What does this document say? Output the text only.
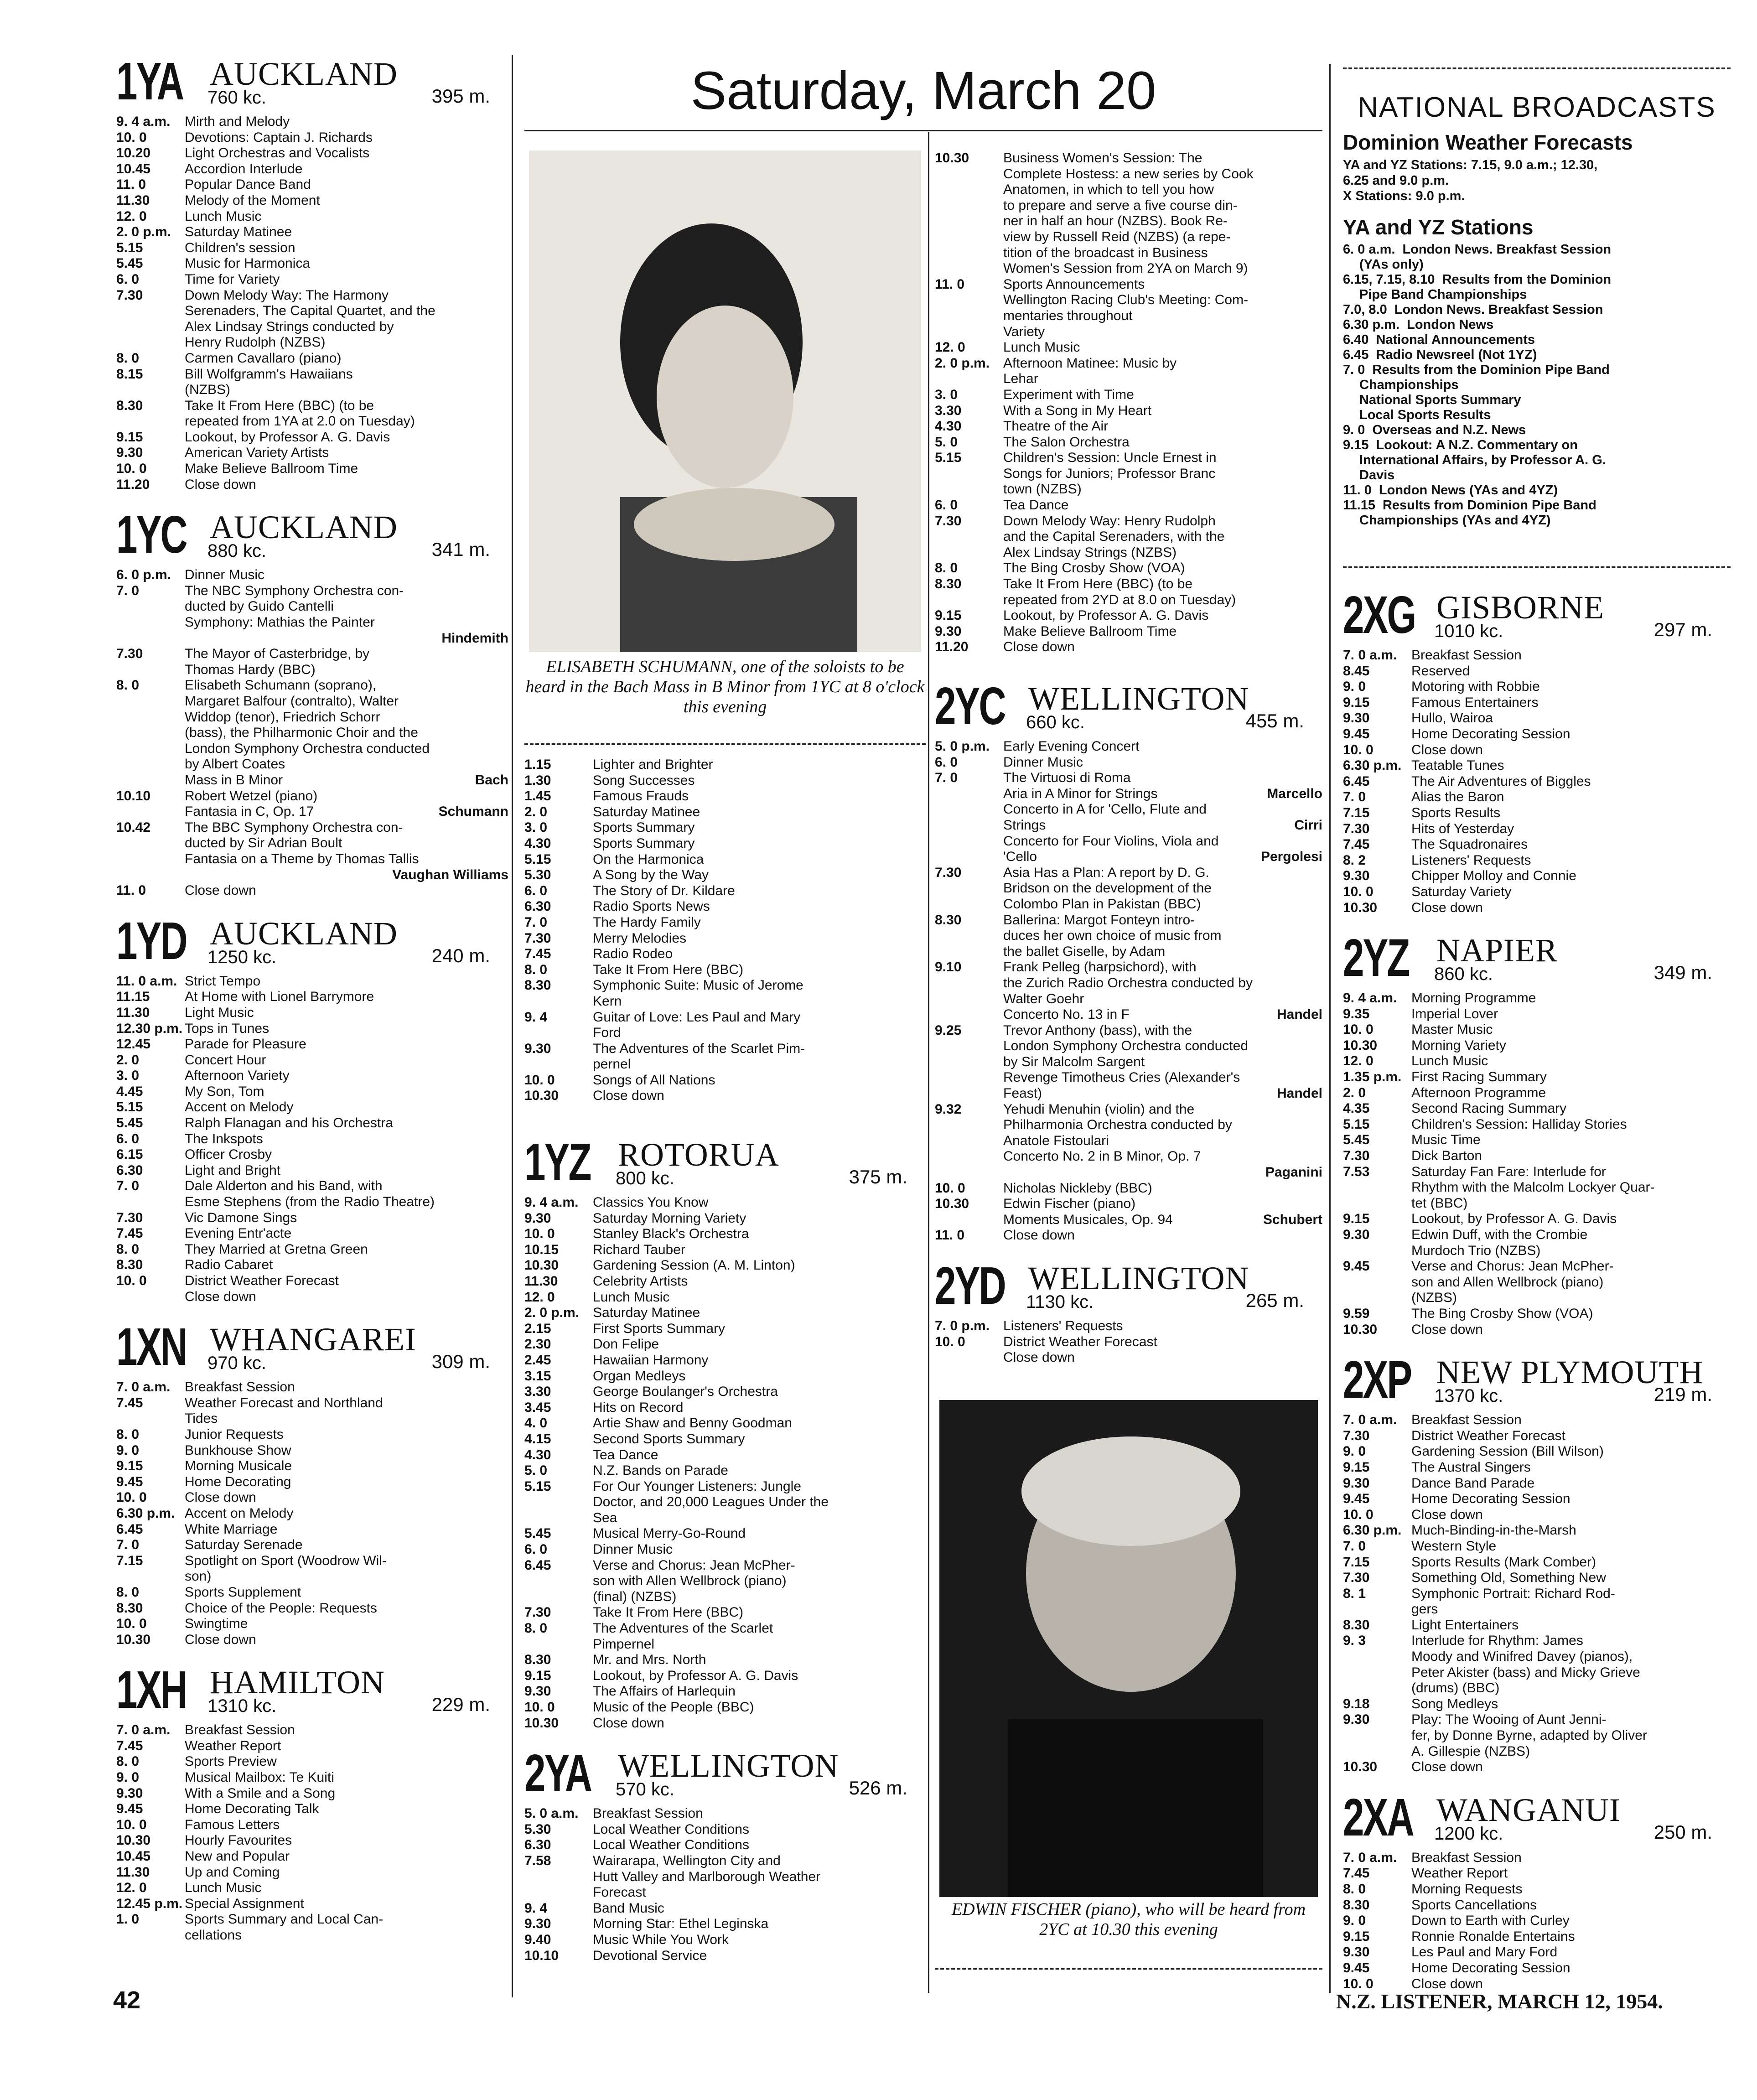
1YA AUCKLAND
760 kc.	395 m.
9. 4 a.m.	Mirth and Melody
10. 0	Devotions: Captain J. Richards
10.20	Light Orchestras and Vocalists
10.45	Accordion Interlude
11. 0	Popular Dance Band
11.30	Melody of the Moment
12. 0	Lunch Music
2. 0 p.m. Saturday Matinee
5.15	Children's session
5.45	Music for Harmonica
6. 0	Time for Variety
7.30	Down Melody Way: The Harmony
Serenaders, The Capital Quartet, and the
Alex Lindsay Strings conducted by
Henry Rudolph (NZBS)
8. 0	Carmen Cavallaro (piano)
8.15	Bill Wolfgramm's Hawaiians
(NZBS)
8.30	Take It From Here (BBC) (to be
repeated from 1YA at 2.0 on Tuesday)
9.15	Lookout, by Professor A. G. Davis
9.30	American Variety Artists
10. 0	Make Believe Ballroom Time
11.20	Close down
1YC AUCKLAND
880 kc.	341 m.
6. 0 p.m. Dinner Music
7. 0	The NBC Symphony Orchestra con-
ducted by Guido Cantelli
Symphony: Mathias the Painter
Hindemith
7.30	The Mayor of Casterbridge, by
Thomas Hardy (BBC)
8. 0	Elisabeth Schumann (soprano),
Margaret Balfour (contralto), Walter
Widdop (tenor), Friedrich Schorr
(bass), the Philharmonic Choir and the
London Symphony Orchestra conducted
by Albert Coates
Mass in B Minor	Bach
10.10	Robert Wetzel (piano)
Fantasia in C, Op. 17	Schumann
10.42	The BBC Symphony Orchestra con-
ducted by Sir Adrian Boult
Fantasia on a Theme by Thomas Tallis
Vaughan Williams
11. 0	Close down
1YD AUCKLAND
1250 kc.	240 m.
11. 0 a.m. Strict Tempo
11.15	At Home with Lionel Barrymore
11.30	Light Music
12.30 p.m. Tops in Tunes
12.45	Parade for Pleasure
2. 0	Concert Hour
3. 0	Afternoon Variety
4.45	My Son, Tom
5.15	Accent on Melody
5.45	Ralph Flanagan and his Orchestra
6. 0	The Inkspots
6.15	Officer Crosby
6.30	Light and Bright
7. 0	Dale Alderton and his Band, with
Esme Stephens (from the Radio Theatre)
7.30	Vic Damone Sings
7.45	Evening Entr'acte
8. 0	They Married at Gretna Green
8.30	Radio Cabaret
10. 0	District Weather Forecast
Close down
1XN WHANGAREI
970 kc.	309 m.
7. 0 a.m.	Breakfast Session
7.45	Weather Forecast and Northland
Tides
8. 0	Junior Requests
9. 0	Bunkhouse Show
9.15	Morning Musicale
9.45	Home Decorating
10. 0	Close down
6.30 p.m. Accent on Melody
6.45	White Marriage
7. 0	Saturday Serenade
7.15	Spotlight on Sport (Woodrow Wil-
son)
8. 0	Sports Supplement
8.30	Choice of the People: Requests
10. 0	Swingtime
10.30	Close down
1XH HAMILTON
1310 kc.	229 m.
7. 0 a.m.	Breakfast Session
7.45	Weather Report
8. 0	Sports Preview
9. 0	Musical Mailbox: Te Kuiti
9.30	With a Smile and a Song
9.45	Home Decorating Talk
10. 0	Famous Letters
10.30	Hourly Favourites
10.45	New and Popular
11.30	Up and Coming
12. 0	Lunch Music
12.45 p.m. Special Assignment
1. 0	Sports Summary and Local Can-
cellations
Saturday, March 20
ELISABETH SCHUMANN, one of the soloists to be heard in the Bach Mass in B Minor from 1YC at 8 o'clock this evening
1.15	Lighter and Brighter
1.30	Song Successes
1.45	Famous Frauds
2. 0	Saturday Matinee
3. 0	Sports Summary
4.30	Sports Summary
5.15	On the Harmonica
5.30	A Song by the Way
6. 0	The Story of Dr. Kildare
6.30	Radio Sports News
7. 0	The Hardy Family
7.30	Merry Melodies
7.45	Radio Rodeo
8. 0	Take It From Here (BBC)
8.30	Symphonic Suite: Music of Jerome
Kern
9. 4	Guitar of Love: Les Paul and Mary
Ford
9.30	The Adventures of the Scarlet Pim-
pernel
10. 0	Songs of All Nations
10.30	Close down
1YZ ROTORUA
800 kc.	375 m.
9. 4 a.m.	Classics You Know
9.30	Saturday Morning Variety
10. 0	Stanley Black's Orchestra
10.15	Richard Tauber
10.30	Gardening Session (A. M. Linton)
11.30	Celebrity Artists
12. 0	Lunch Music
2. 0 p.m. Saturday Matinee
2.15	First Sports Summary
2.30	Don Felipe
2.45	Hawaiian Harmony
3.15	Organ Medleys
3.30	George Boulanger's Orchestra
3.45	Hits on Record
4. 0	Artie Shaw and Benny Goodman
4.15	Second Sports Summary
4.30	Tea Dance
5. 0	N.Z. Bands on Parade
5.15	For Our Younger Listeners: Jungle
Doctor, and 20,000 Leagues Under the
Sea
5.45	Musical Merry-Go-Round
6. 0	Dinner Music
6.45	Verse and Chorus: Jean McPher-
son with Allen Wellbrock (piano)
(final) (NZBS)
7.30	Take It From Here (BBC)
8. 0	The Adventures of the Scarlet
Pimpernel
8.30	Mr. and Mrs. North
9.15	Lookout, by Professor A. G. Davis
9.30	The Affairs of Harlequin
10. 0	Music of the People (BBC)
10.30	Close down
2YA WELLINGTON
570 kc.	526 m.
5. 0 a.m.	Breakfast Session
5.30	Local Weather Conditions
6.30	Local Weather Conditions
7.58	Wairarapa, Wellington City and
Hutt Valley and Marlborough Weather
Forecast
9. 4	Band Music
9.30	Morning Star: Ethel Leginska
9.40	Music While You Work
10.10	Devotional Service
10.30	Business Women's Session: The
Complete Hostess: a new series by Cook
Anatomen, in which to tell you how
to prepare and serve a five course din-
ner in half an hour (NZBS). Book Re-
view by Russell Reid (NZBS) (a repe-
tition of the broadcast in Business
Women's Session from 2YA on March 9)
11. 0	Sports Announcements
Wellington Racing Club's Meeting: Com-
mentaries throughout
Variety
12. 0	Lunch Music
2. 0 p.m. Afternoon Matinee: Music by
Lehar
3. 0	Experiment with Time
3.30	With a Song in My Heart
4.30	Theatre of the Air
5. 0	The Salon Orchestra
5.15	Children's Session: Uncle Ernest in
Songs for Juniors; Professor Branc
town (NZBS)
6. 0	Tea Dance
7.30	Down Melody Way: Henry Rudolph
and the Capital Serenaders, with the
Alex Lindsay Strings (NZBS)
8. 0	The Bing Crosby Show (VOA)
8.30	Take It From Here (BBC) (to be
repeated from 2YD at 8.0 on Tuesday)
9.15	Lookout, by Professor A. G. Davis
9.30	Make Believe Ballroom Time
11.20	Close down
2YC WELLINGTON
660 kc.	455 m.
5. 0 p.m. Early Evening Concert
6. 0	Dinner Music
7. 0	The Virtuosi di Roma
Aria in A Minor for Strings	Marcello
Concerto in A for 'Cello, Flute and
Strings	Cirri
Concerto for Four Violins, Viola and
'Cello	Pergolesi
7.30	Asia Has a Plan: A report by D. G.
Bridson on the development of the
Colombo Plan in Pakistan (BBC)
8.30	Ballerina: Margot Fonteyn intro-
duces her own choice of music from
the ballet Giselle, by Adam
9.10	Frank Pelleg (harpsichord), with
the Zurich Radio Orchestra conducted by
Walter Goehr
Concerto No. 13 in F	Handel
9.25	Trevor Anthony (bass), with the
London Symphony Orchestra conducted
by Sir Malcolm Sargent
Revenge Timotheus Cries (Alexander's
Feast)	Handel
9.32	Yehudi Menuhin (violin) and the
Philharmonia Orchestra conducted by
Anatole Fistoulari
Concerto No. 2 in B Minor, Op. 7
Paganini
10. 0	Nicholas Nickleby (BBC)
10.30	Edwin Fischer (piano)
Moments Musicales, Op. 94	Schubert
11. 0	Close down
2YD WELLINGTON
1130 kc.	265 m.
7. 0 p.m. Listeners' Requests
10. 0	District Weather Forecast
Close down
EDWIN FISCHER (piano), who will be heard from 2YC at 10.30 this evening
NATIONAL BROADCASTS
Dominion Weather Forecasts
YA and YZ Stations: 7.15, 9.0 a.m.; 12.30,
6.25 and 9.0 p.m.
X Stations: 9.0 p.m.
YA and YZ Stations
6. 0 a.m. London News. Breakfast Session
(YAs only)
6.15, 7.15, 8.10 Results from the Dominion
Pipe Band Championships
7.0, 8.0 London News. Breakfast Session
6.30 p.m. London News
6.40 National Announcements
6.45 Radio Newsreel (Not 1YZ)
7. 0 Results from the Dominion Pipe Band
Championships
National Sports Summary
Local Sports Results
9. 0 Overseas and N.Z. News
9.15 Lookout: A N.Z. Commentary on
International Affairs, by Professor A. G.
Davis
11. 0 London News (YAs and 4YZ)
11.15 Results from Dominion Pipe Band
Championships (YAs and 4YZ)
2XG GISBORNE
1010 kc.	297 m.
7. 0 a.m.	Breakfast Session
8.45	Reserved
9. 0	Motoring with Robbie
9.15	Famous Entertainers
9.30	Hullo, Wairoa
9.45	Home Decorating Session
10. 0	Close down
6.30 p.m. Teatable Tunes
6.45	The Air Adventures of Biggles
7. 0	Alias the Baron
7.15	Sports Results
7.30	Hits of Yesterday
7.45	The Squadronaires
8. 2	Listeners' Requests
9.30	Chipper Molloy and Connie
10. 0	Saturday Variety
10.30	Close down
2YZ NAPIER
860 kc.	349 m.
9. 4 a.m.	Morning Programme
9.35	Imperial Lover
10. 0	Master Music
10.30	Morning Variety
12. 0	Lunch Music
1.35 p.m. First Racing Summary
2. 0	Afternoon Programme
4.35	Second Racing Summary
5.15	Children's Session: Halliday Stories
5.45	Music Time
7.30	Dick Barton
7.53	Saturday Fan Fare: Interlude for
Rhythm with the Malcolm Lockyer Quar-
tet (BBC)
9.15	Lookout, by Professor A. G. Davis
9.30	Edwin Duff, with the Crombie
Murdoch Trio (NZBS)
9.45	Verse and Chorus: Jean McPher-
son and Allen Wellbrock (piano)
(NZBS)
9.59	The Bing Crosby Show (VOA)
10.30	Close down
2XP NEW PLYMOUTH
1370 kc.	219 m.
7. 0 a.m.	Breakfast Session
7.30	District Weather Forecast
9. 0	Gardening Session (Bill Wilson)
9.15	The Austral Singers
9.30	Dance Band Parade
9.45	Home Decorating Session
10. 0	Close down
6.30 p.m. Much-Binding-in-the-Marsh
7. 0	Western Style
7.15	Sports Results (Mark Comber)
7.30	Something Old, Something New
8. 1	Symphonic Portrait: Richard Rod-
gers
8.30	Light Entertainers
9. 3	Interlude for Rhythm: James
Moody and Winifred Davey (pianos),
Peter Akister (bass) and Micky Grieve
(drums) (BBC)
9.18	Song Medleys
9.30	Play: The Wooing of Aunt Jenni-
fer, by Donne Byrne, adapted by Oliver
A. Gillespie (NZBS)
10.30	Close down
2XA WANGANUI
1200 kc.	250 m.
7. 0 a.m.	Breakfast Session
7.45	Weather Report
8. 0	Morning Requests
8.30	Sports Cancellations
9. 0	Down to Earth with Curley
9.15	Ronnie Ronalde Entertains
9.30	Les Paul and Mary Ford
9.45	Home Decorating Session
10. 0	Close down
42	N.Z. LISTENER, MARCH 12, 1954.
